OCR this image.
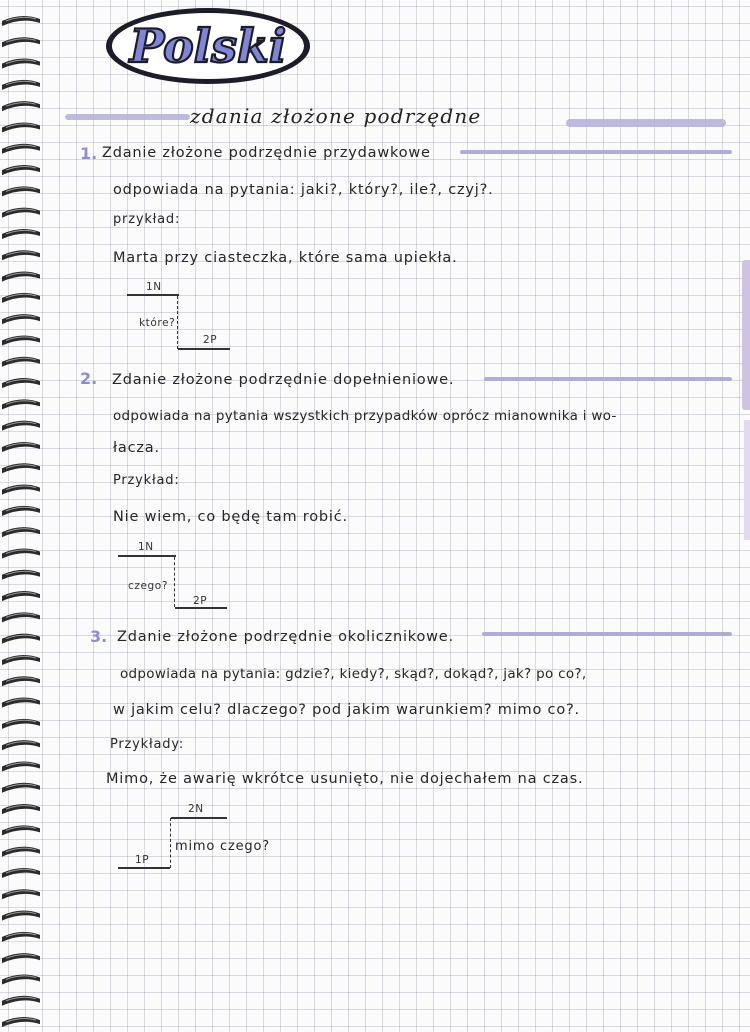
Polski
zdania złożone podrzędne
1. Zdanie złożone podrzędnie przydawkowe
odpowiada na pytania: jaki?, który?, ile?, czyj?.
przykład:
Marta przy ciasteczka, które sama upiekła.
1N
które?
2P
2. Zdanie złożone podrzędnie dopełnieniowe.
odpowiada na pytania wszystkich przypadków oprócz mianownika i wo-
łacza.
Przykład:
Nie wiem, co będę tam robić.
1N
czego?
2P
3. Zdanie złożone podrzędnie okolicznikowe.
odpowiada na pytania: gdzie?, kiedy?, skąd?, dokąd?, jak? po co?,
w jakim celu? dlaczego? pod jakim warunkiem? mimo co?.
Przykłady:
Mimo, że awarię wkrótce usunięto, nie dojechałem na czas.
2N
mimo czego?
1P
